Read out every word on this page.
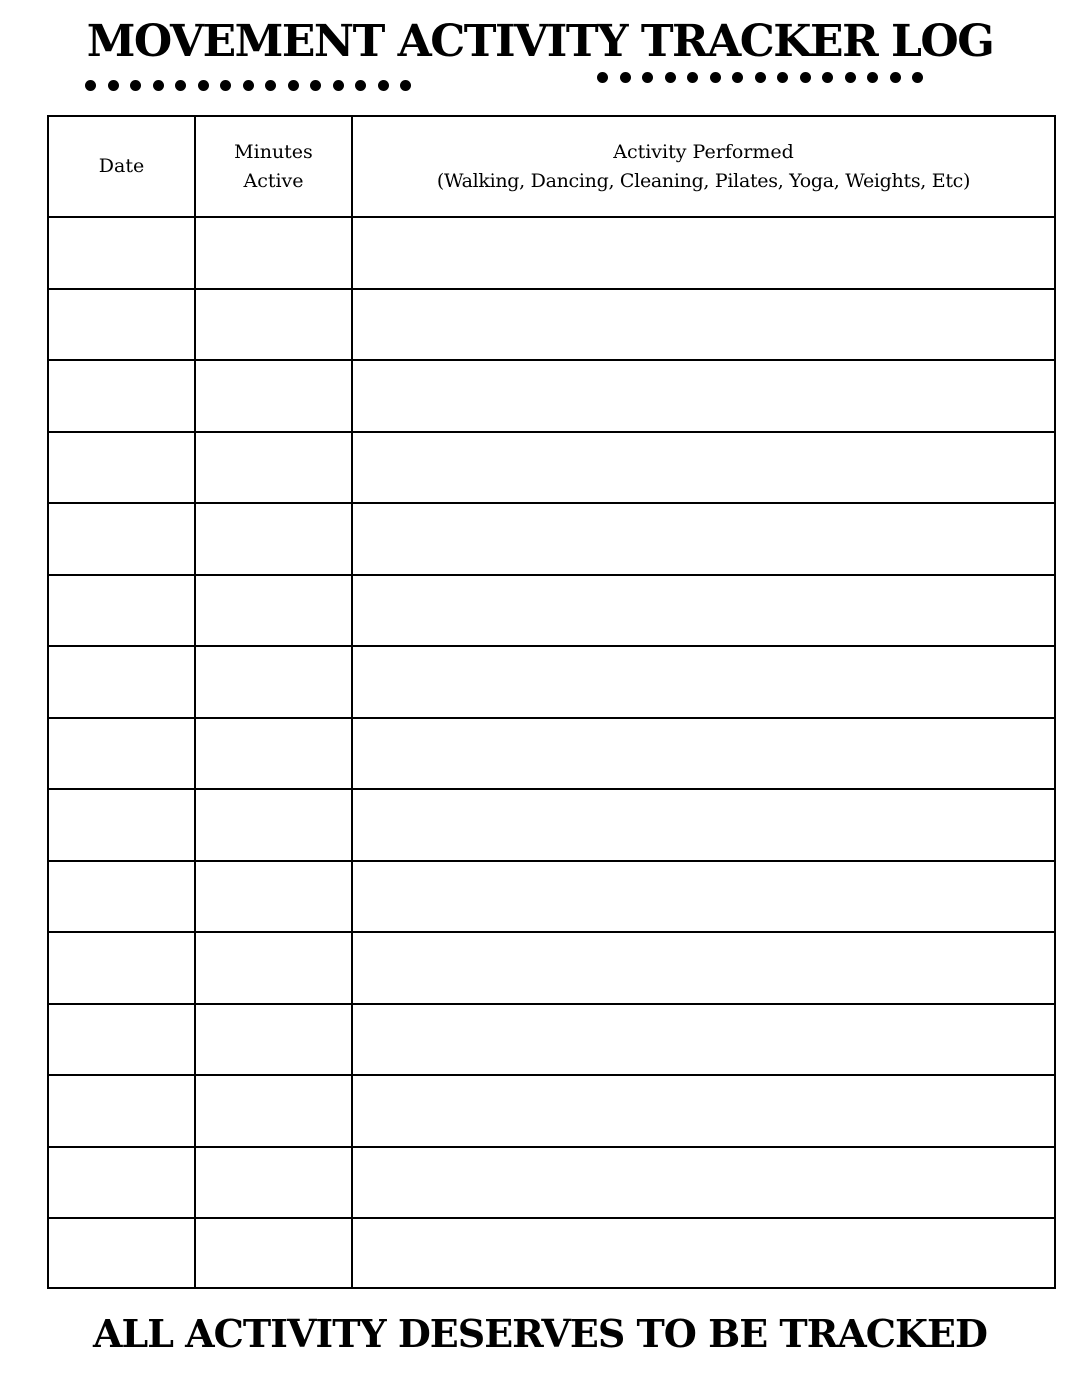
MOVEMENT ACTIVITY TRACKER LOG
Date
Minutes
Active
Activity Performed
(Walking, Dancing, Cleaning, Pilates, Yoga, Weights, Etc)
ALL ACTIVITY DESERVES TO BE TRACKED
